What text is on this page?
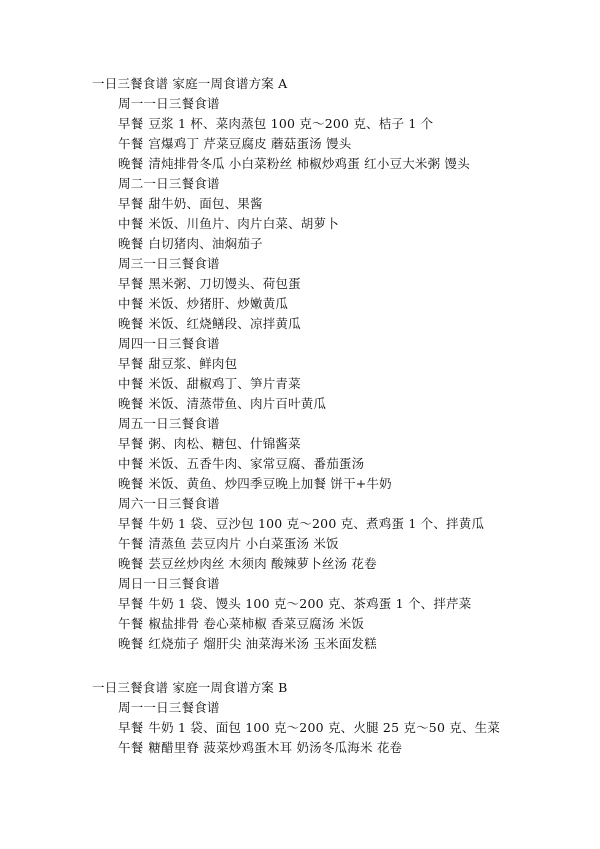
一日三餐食谱 家庭一周食谱方案 A
周一一日三餐食谱
早餐 豆浆 1 杯、菜肉蒸包 100 克～200 克、桔子 1 个
午餐 宫爆鸡丁 芹菜豆腐皮 蘑菇蛋汤 馒头
晚餐 清炖排骨冬瓜 小白菜粉丝 柿椒炒鸡蛋 红小豆大米粥 馒头
周二一日三餐食谱
早餐 甜牛奶、面包、果酱
中餐 米饭、川鱼片、肉片白菜、胡萝卜
晚餐 白切猪肉、油焖茄子
周三一日三餐食谱
早餐 黑米粥、刀切馒头、荷包蛋
中餐 米饭、炒猪肝、炒嫩黄瓜
晚餐 米饭、红烧鳝段、凉拌黄瓜
周四一日三餐食谱
早餐 甜豆浆、鲜肉包
中餐 米饭、甜椒鸡丁、笋片青菜
晚餐 米饭、清蒸带鱼、肉片百叶黄瓜
周五一日三餐食谱
早餐 粥、肉松、糖包、什锦酱菜
中餐 米饭、五香牛肉、家常豆腐、番茄蛋汤
晚餐 米饭、黄鱼、炒四季豆晚上加餐 饼干+牛奶
周六一日三餐食谱
早餐 牛奶 1 袋、豆沙包 100 克～200 克、煮鸡蛋 1 个、拌黄瓜
午餐 清蒸鱼 芸豆肉片 小白菜蛋汤 米饭
晚餐 芸豆丝炒肉丝 木须肉 酸辣萝卜丝汤 花卷
周日一日三餐食谱
早餐 牛奶 1 袋、馒头 100 克～200 克、茶鸡蛋 1 个、拌芹菜
午餐 椒盐排骨 卷心菜柿椒 香菜豆腐汤 米饭
晚餐 红烧茄子 熘肝尖 油菜海米汤 玉米面发糕
一日三餐食谱 家庭一周食谱方案 B
周一一日三餐食谱
早餐 牛奶 1 袋、面包 100 克～200 克、火腿 25 克～50 克、生菜
午餐 糖醋里脊 菠菜炒鸡蛋木耳 奶汤冬瓜海米 花卷
